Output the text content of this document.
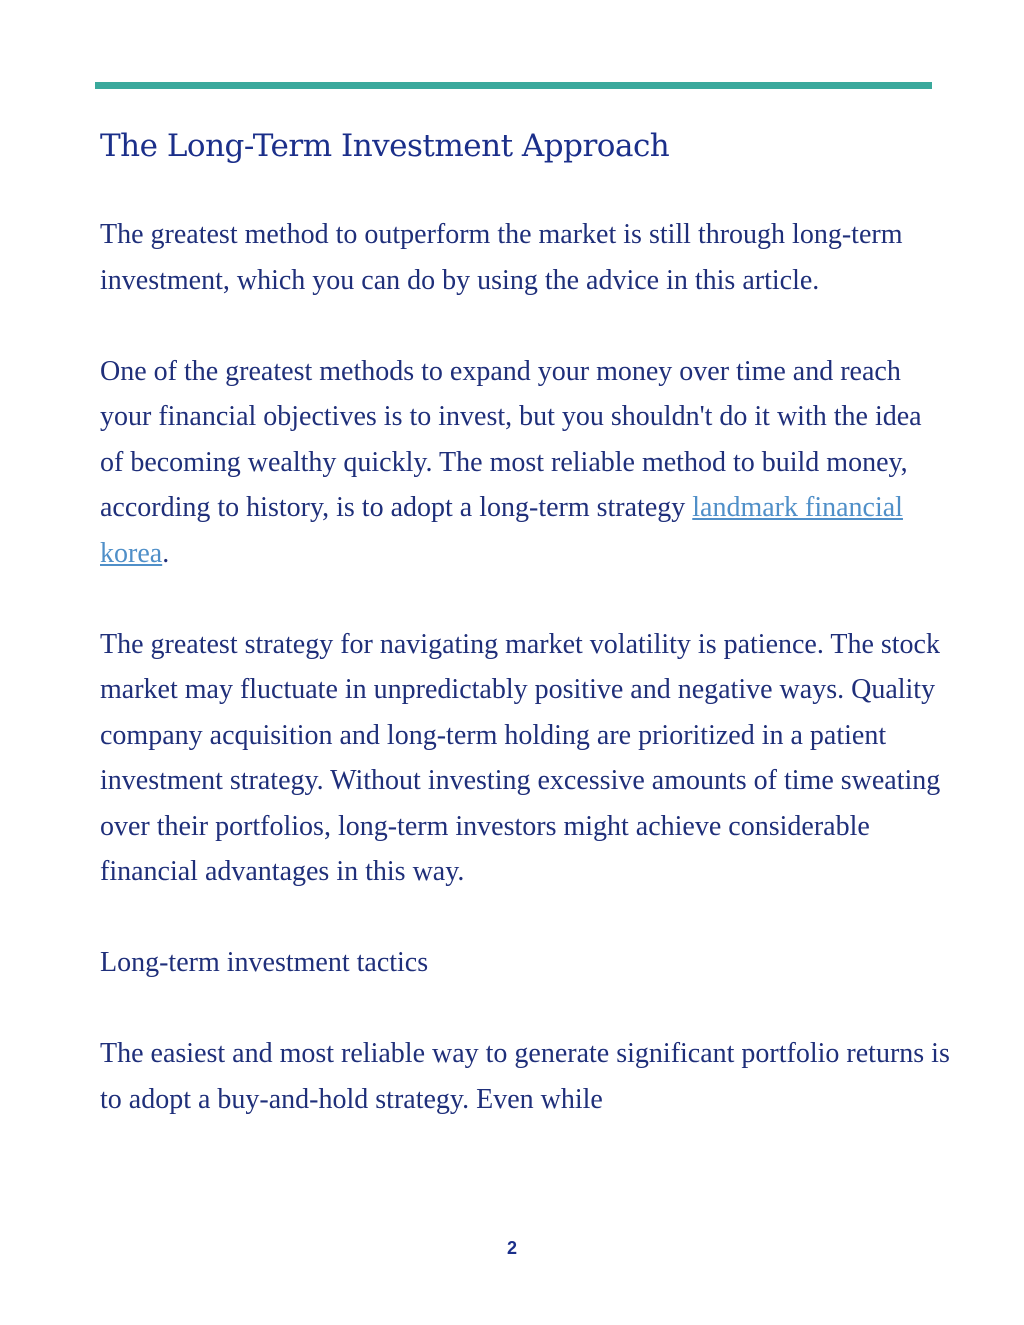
The Long-Term Investment Approach

The greatest method to outperform the market is still through long-term investment, which you can do by using the advice in this article.

One of the greatest methods to expand your money over time and reach your financial objectives is to invest, but you shouldn't do it with the idea of becoming wealthy quickly. The most reliable method to build money, according to history, is to adopt a long-term strategy landmark financial korea.

The greatest strategy for navigating market volatility is patience. The stock market may fluctuate in unpredictably positive and negative ways. Quality company acquisition and long-term holding are prioritized in a patient investment strategy. Without investing excessive amounts of time sweating over their portfolios, long-term investors might achieve considerable financial advantages in this way.

Long-term investment tactics

The easiest and most reliable way to generate significant portfolio returns is to adopt a buy-and-hold strategy. Even while

2
